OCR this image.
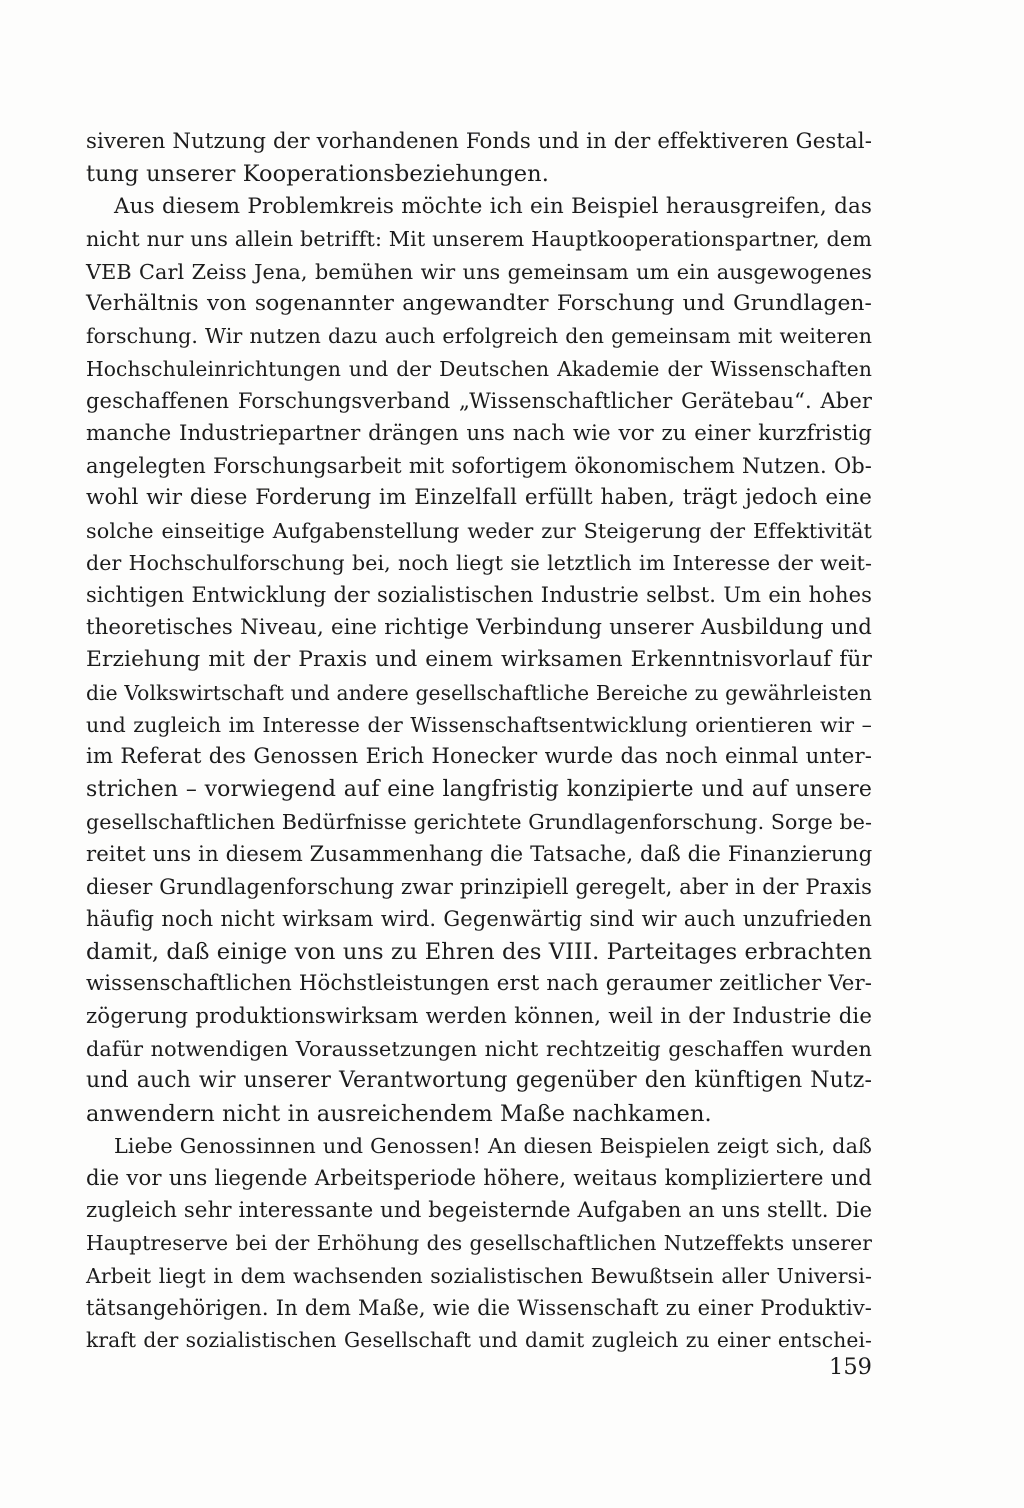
siveren Nutzung der vorhandenen Fonds und in der effektiveren Gestal-
tung unserer Kooperationsbeziehungen.
Aus diesem Problemkreis möchte ich ein Beispiel herausgreifen, das
nicht nur uns allein betrifft: Mit unserem Hauptkooperationspartner, dem
VEB Carl Zeiss Jena, bemühen wir uns gemeinsam um ein ausgewogenes
Verhältnis von sogenannter angewandter Forschung und Grundlagen-
forschung. Wir nutzen dazu auch erfolgreich den gemeinsam mit weiteren
Hochschuleinrichtungen und der Deutschen Akademie der Wissenschaften
geschaffenen Forschungsverband „Wissenschaftlicher Gerätebau“. Aber
manche Industriepartner drängen uns nach wie vor zu einer kurzfristig
angelegten Forschungsarbeit mit sofortigem ökonomischem Nutzen. Ob-
wohl wir diese Forderung im Einzelfall erfüllt haben, trägt jedoch eine
solche einseitige Aufgabenstellung weder zur Steigerung der Effektivität
der Hochschulforschung bei, noch liegt sie letztlich im Interesse der weit-
sichtigen Entwicklung der sozialistischen Industrie selbst. Um ein hohes
theoretisches Niveau, eine richtige Verbindung unserer Ausbildung und
Erziehung mit der Praxis und einem wirksamen Erkenntnisvorlauf für
die Volkswirtschaft und andere gesellschaftliche Bereiche zu gewährleisten
und zugleich im Interesse der Wissenschaftsentwicklung orientieren wir –
im Referat des Genossen Erich Honecker wurde das noch einmal unter-
strichen – vorwiegend auf eine langfristig konzipierte und auf unsere
gesellschaftlichen Bedürfnisse gerichtete Grundlagenforschung. Sorge be-
reitet uns in diesem Zusammenhang die Tatsache, daß die Finanzierung
dieser Grundlagenforschung zwar prinzipiell geregelt, aber in der Praxis
häufig noch nicht wirksam wird. Gegenwärtig sind wir auch unzufrieden
damit, daß einige von uns zu Ehren des VIII. Parteitages erbrachten
wissenschaftlichen Höchstleistungen erst nach geraumer zeitlicher Ver-
zögerung produktionswirksam werden können, weil in der Industrie die
dafür notwendigen Voraussetzungen nicht rechtzeitig geschaffen wurden
und auch wir unserer Verantwortung gegenüber den künftigen Nutz-
anwendern nicht in ausreichendem Maße nachkamen.
Liebe Genossinnen und Genossen! An diesen Beispielen zeigt sich, daß
die vor uns liegende Arbeitsperiode höhere, weitaus kompliziertere und
zugleich sehr interessante und begeisternde Aufgaben an uns stellt. Die
Hauptreserve bei der Erhöhung des gesellschaftlichen Nutzeffekts unserer
Arbeit liegt in dem wachsenden sozialistischen Bewußtsein aller Universi-
tätsangehörigen. In dem Maße, wie die Wissenschaft zu einer Produktiv-
kraft der sozialistischen Gesellschaft und damit zugleich zu einer entschei-
159
